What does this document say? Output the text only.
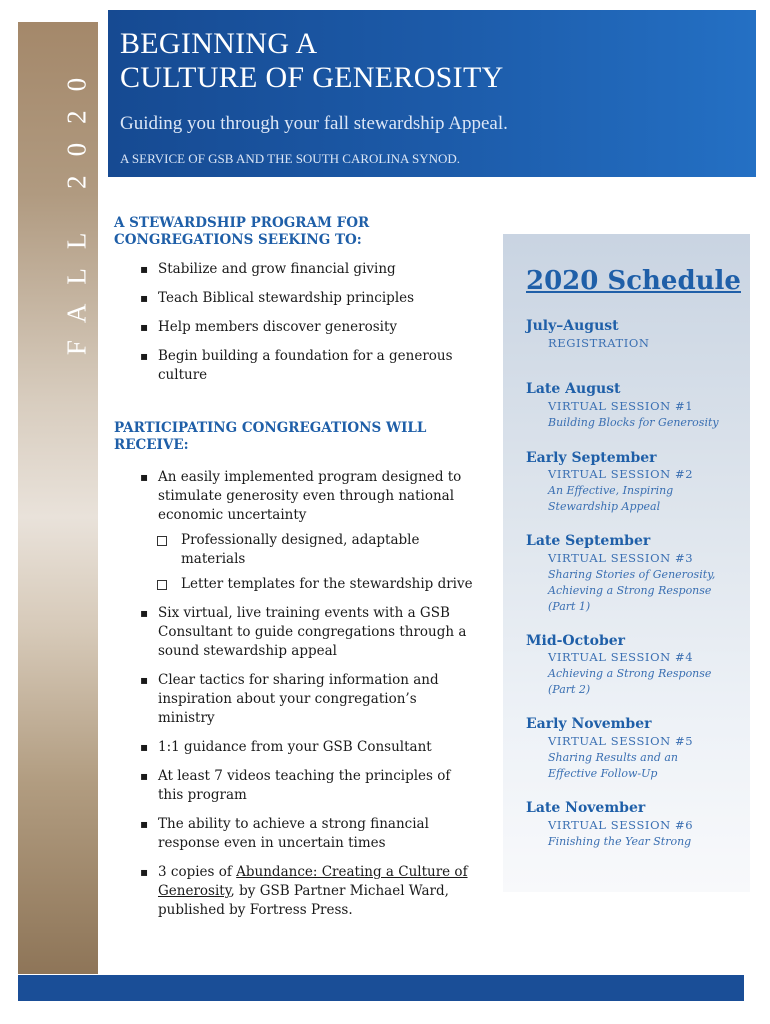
FALL 2020
BEGINNING A
CULTURE OF GENEROSITY
Guiding you through your fall stewardship Appeal.
A SERVICE OF GSB AND THE SOUTH CAROLINA SYNOD.
A STEWARDSHIP PROGRAM FOR
CONGREGATIONS SEEKING TO:
▪ Stabilize and grow financial giving
▪ Teach Biblical stewardship principles
▪ Help members discover generosity
▪ Begin building a foundation for a generous culture
PARTICIPATING CONGREGATIONS WILL
RECEIVE:
▪ An easily implemented program designed to stimulate generosity even through national economic uncertainty
Professionally designed, adaptable materials
Letter templates for the stewardship drive
▪ Six virtual, live training events with a GSB Consultant to guide congregations through a sound stewardship appeal
▪ Clear tactics for sharing information and inspiration about your congregation’s ministry
▪ 1:1 guidance from your GSB Consultant
▪ At least 7 videos teaching the principles of this program
▪ The ability to achieve a strong financial response even in uncertain times
▪ 3 copies of Abundance: Creating a Culture of Generosity, by GSB Partner Michael Ward, published by Fortress Press.
2020 Schedule

July–August

REGISTRATION

Late August

VIRTUAL SESSION #1
Building Blocks for Generosity

Early September

VIRTUAL SESSION #2
An Effective, Inspiring
Stewardship Appeal

Late September

VIRTUAL SESSION #3
Sharing Stories of Generosity,
Achieving a Strong Response
(Part 1)

Mid-October

VIRTUAL SESSION #4
Achieving a Strong Response
(Part 2)

Early November

VIRTUAL SESSION #5
Sharing Results and an
Effective Follow-Up

Late November

VIRTUAL SESSION #6
Finishing the Year Strong
